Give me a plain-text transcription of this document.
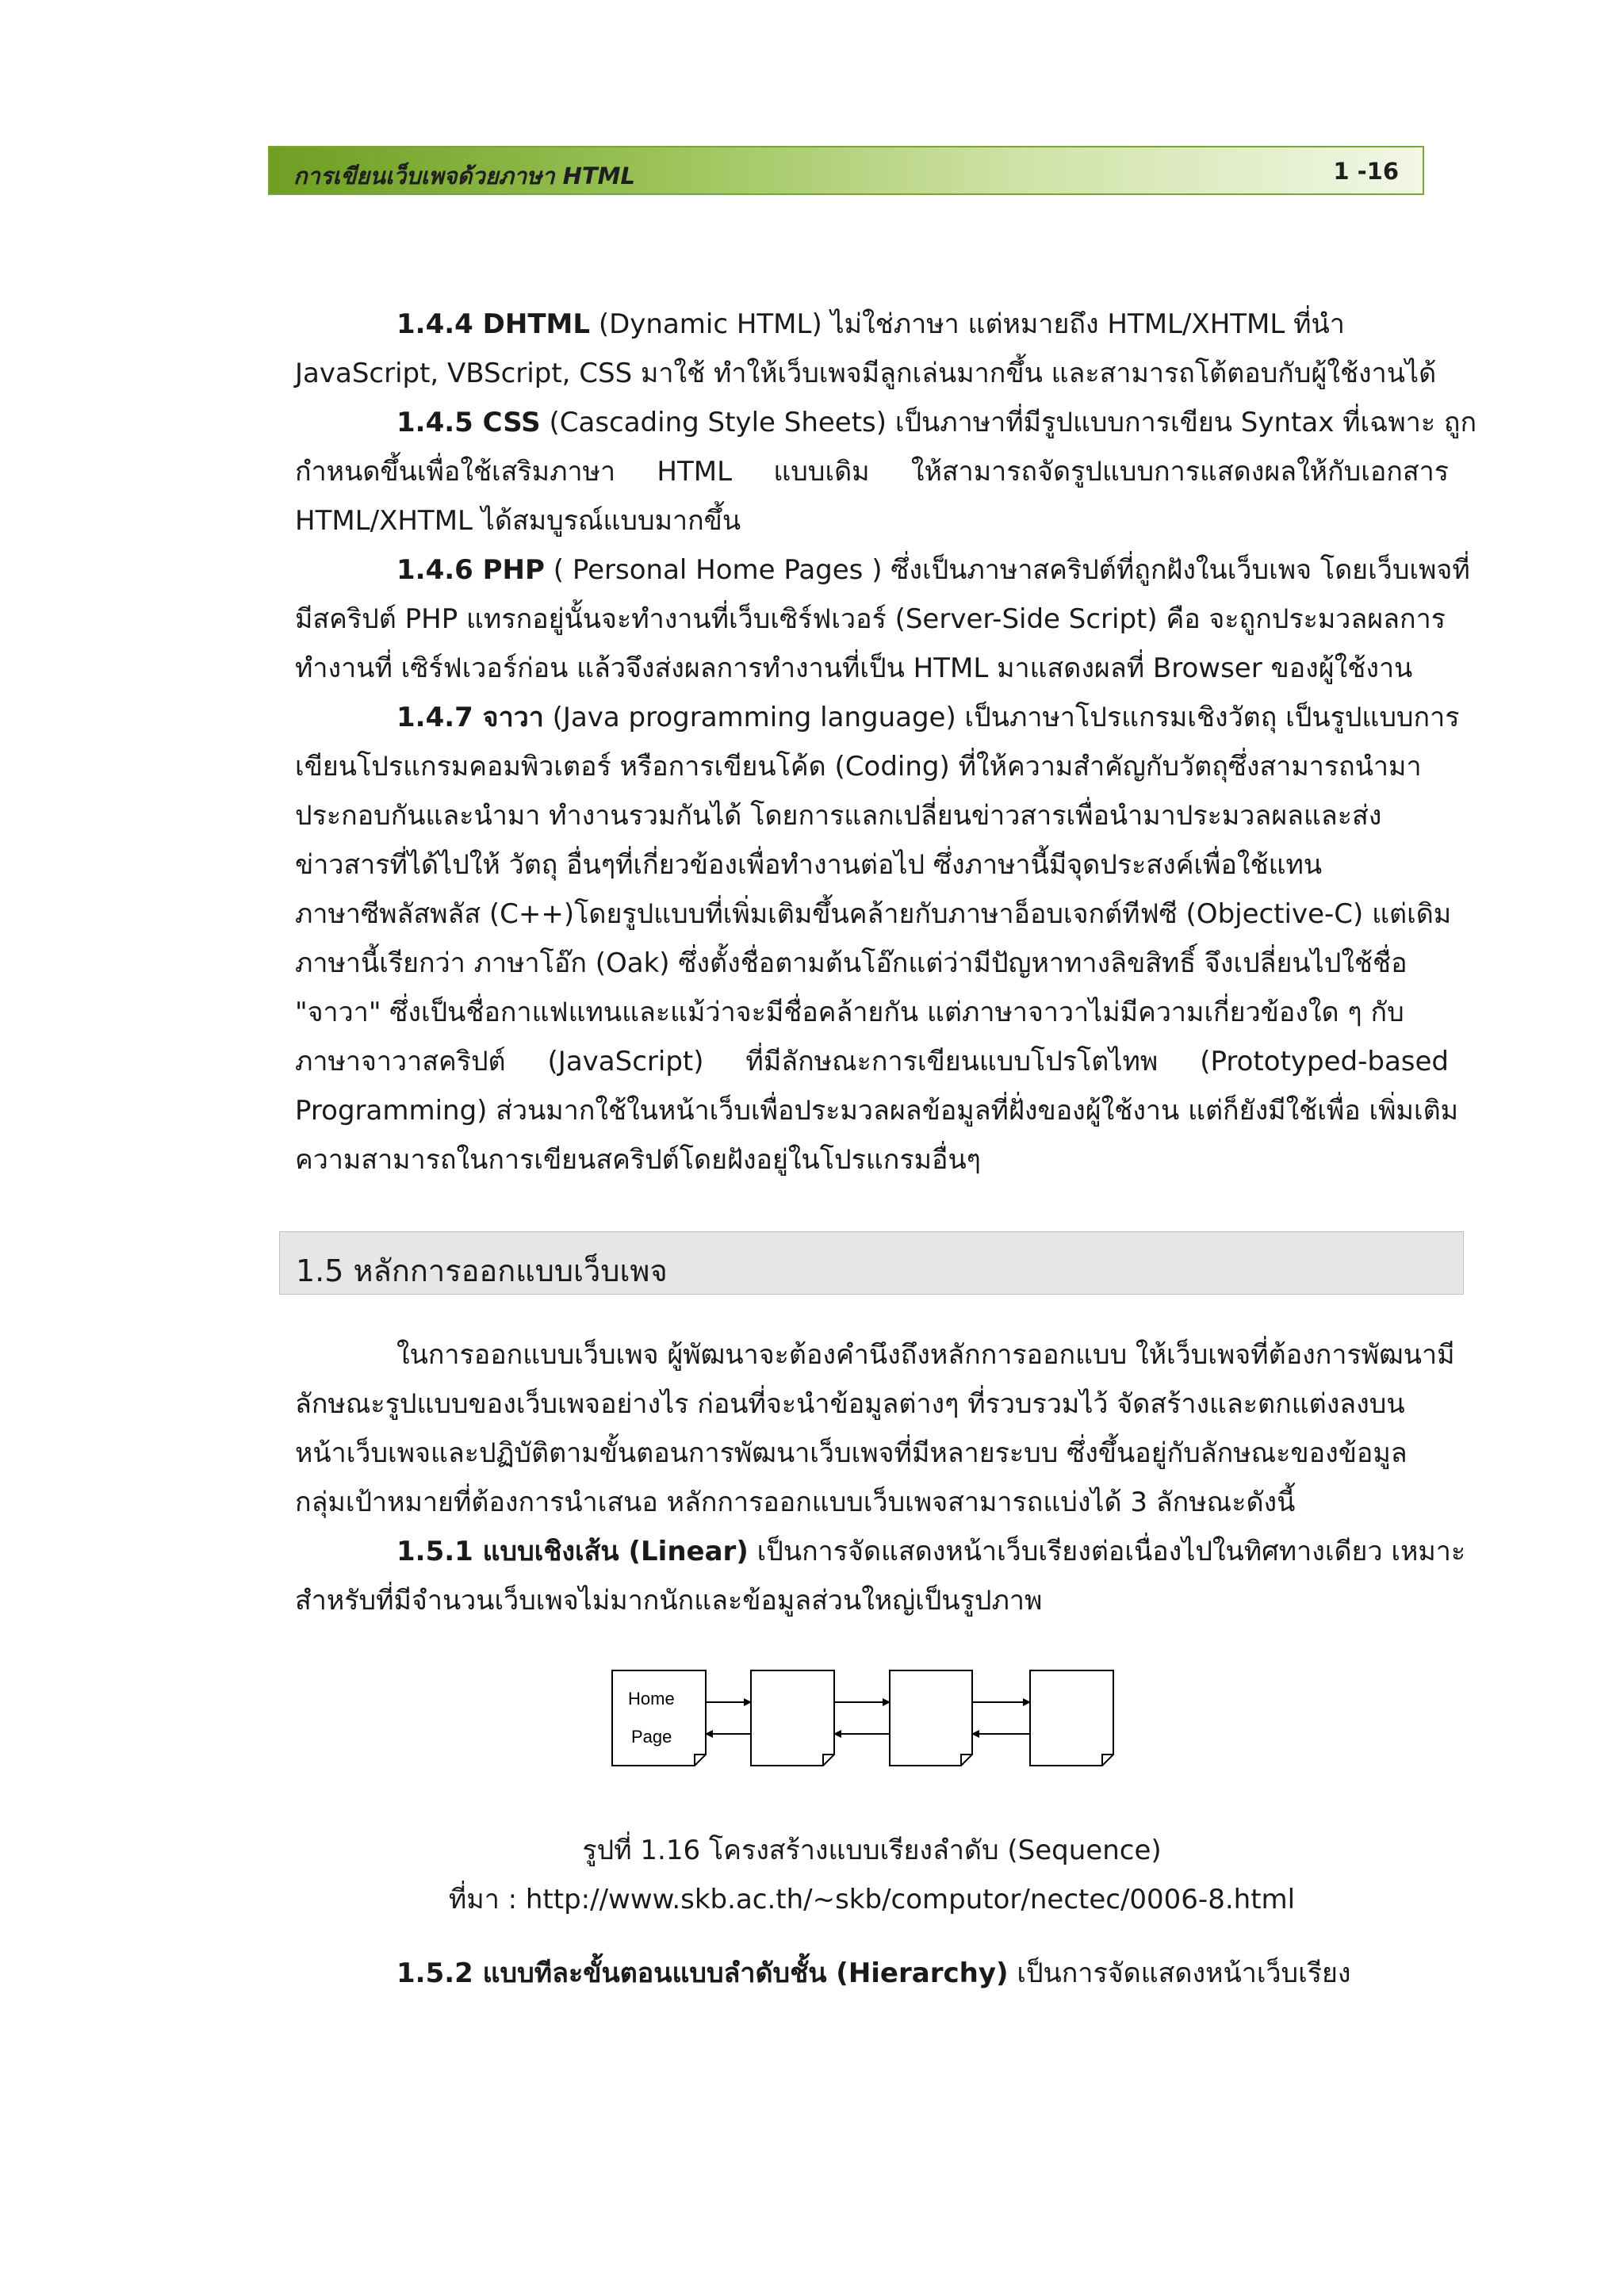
การเขียนเว็บเพจด้วยภาษา HTML	1 -16
1.4.4 DHTML (Dynamic HTML) ไม่ใช่ภาษา แต่หมายถึง HTML/XHTML ที่นำ
JavaScript, VBScript, CSS มาใช้ ทำให้เว็บเพจมีลูกเล่นมากขึ้น และสามารถโต้ตอบกับผู้ใช้งานได้
1.4.5 CSS (Cascading Style Sheets) เป็นภาษาที่มีรูปแบบการเขียน Syntax ที่เฉพาะ ถูก
กำหนดขึ้นเพื่อใช้เสริมภาษา HTML แบบเดิม ให้สามารถจัดรูปแบบการแสดงผลให้กับเอกสาร
HTML/XHTML ได้สมบูรณ์แบบมากขึ้น
1.4.6 PHP ( Personal Home Pages ) ซึ่งเป็นภาษาสคริปต์ที่ถูกฝังในเว็บเพจ โดยเว็บเพจที่
มีสคริปต์ PHP แทรกอยู่นั้นจะทำงานที่เว็บเซิร์ฟเวอร์ (Server-Side Script) คือ จะถูกประมวลผลการ
ทำงานที่ เซิร์ฟเวอร์ก่อน แล้วจึงส่งผลการทำงานที่เป็น HTML มาแสดงผลที่ Browser ของผู้ใช้งาน
1.4.7 จาวา (Java programming language) เป็นภาษาโปรแกรมเชิงวัตถุ เป็นรูปแบบการ
เขียนโปรแกรมคอมพิวเตอร์ หรือการเขียนโค้ด (Coding) ที่ให้ความสำคัญกับวัตถุซึ่งสามารถนำมา
ประกอบกันและนำมา ทำงานรวมกันได้ โดยการแลกเปลี่ยนข่าวสารเพื่อนำมาประมวลผลและส่ง
ข่าวสารที่ได้ไปให้ วัตถุ อื่นๆที่เกี่ยวข้องเพื่อทำงานต่อไป ซึ่งภาษานี้มีจุดประสงค์เพื่อใช้แทน
ภาษาซีพลัสพลัส (C++)โดยรูปแบบที่เพิ่มเติมขึ้นคล้ายกับภาษาอ็อบเจกต์ทีฟซี (Objective-C) แต่เดิม
ภาษานี้เรียกว่า ภาษาโอ๊ก (Oak) ซึ่งตั้งชื่อตามต้นโอ๊กแต่ว่ามีปัญหาทางลิขสิทธิ์ จึงเปลี่ยนไปใช้ชื่อ
"จาวา" ซึ่งเป็นชื่อกาแฟแทนและแม้ว่าจะมีชื่อคล้ายกัน แต่ภาษาจาวาไม่มีความเกี่ยวข้องใด ๆ กับ
ภาษาจาวาสคริปต์ (JavaScript) ที่มีลักษณะการเขียนแบบโปรโตไทพ (Prototyped-based
Programming) ส่วนมากใช้ในหน้าเว็บเพื่อประมวลผลข้อมูลที่ฝั่งของผู้ใช้งาน แต่ก็ยังมีใช้เพื่อ เพิ่มเติม
ความสามารถในการเขียนสคริปต์โดยฝังอยู่ในโปรแกรมอื่นๆ
1.5 หลักการออกแบบเว็บเพจ
ในการออกแบบเว็บเพจ ผู้พัฒนาจะต้องคำนึงถึงหลักการออกแบบ ให้เว็บเพจที่ต้องการพัฒนามี
ลักษณะรูปแบบของเว็บเพจอย่างไร ก่อนที่จะนำข้อมูลต่างๆ ที่รวบรวมไว้ จัดสร้างและตกแต่งลงบน
หน้าเว็บเพจและปฏิบัติตามขั้นตอนการพัฒนาเว็บเพจที่มีหลายระบบ ซึ่งขึ้นอยู่กับลักษณะของข้อมูล
กลุ่มเป้าหมายที่ต้องการนำเสนอ หลักการออกแบบเว็บเพจสามารถแบ่งได้ 3 ลักษณะดังนี้
1.5.1 แบบเชิงเส้น (Linear) เป็นการจัดแสดงหน้าเว็บเรียงต่อเนื่องไปในทิศทางเดียว เหมาะ
สำหรับที่มีจำนวนเว็บเพจไม่มากนักและข้อมูลส่วนใหญ่เป็นรูปภาพ
Home
Page
รูปที่ 1.16 โครงสร้างแบบเรียงลำดับ (Sequence)
ที่มา : http://www.skb.ac.th/~skb/computor/nectec/0006-8.html
1.5.2 แบบทีละขั้นตอนแบบลำดับชั้น (Hierarchy) เป็นการจัดแสดงหน้าเว็บเรียง
